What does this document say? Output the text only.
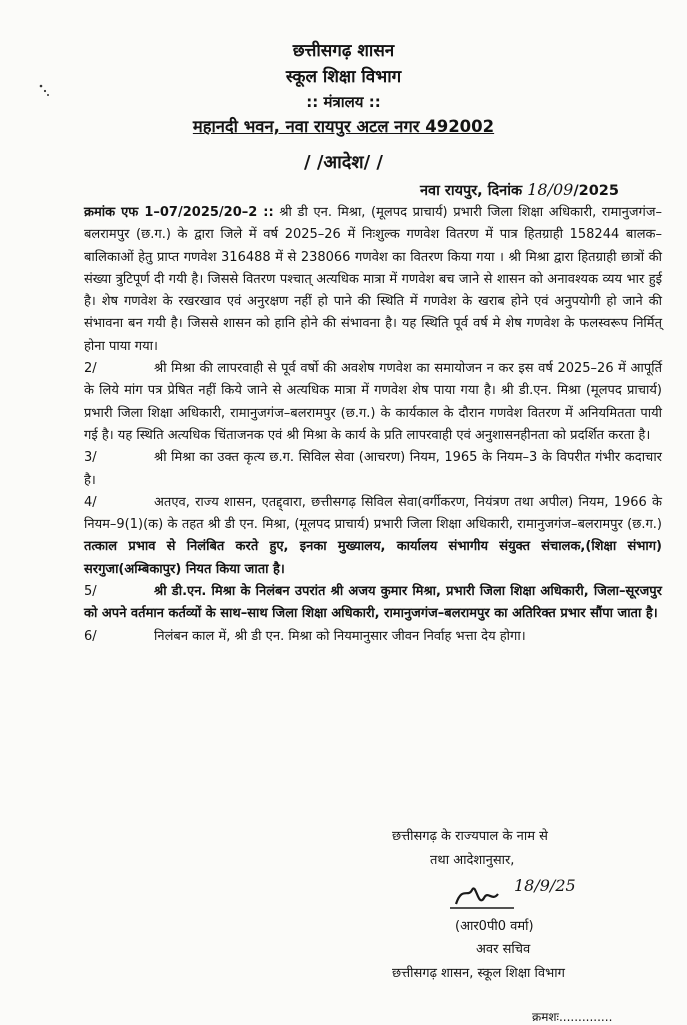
छत्तीसगढ़ शासन
स्कूल शिक्षा विभाग
:: मंत्रालय ::
महानदी भवन, नवा रायपुर अटल नगर 492002
/ /आदेश/ /
नवा रायपुर, दिनांक 18/09/2025

क्रमांक एफ 1–07/2025/20–2 :: श्री डी एन. मिश्रा, (मूलपद प्राचार्य) प्रभारी जिला शिक्षा अधिकारी, रामानुजगंज–बलरामपुर (छ.ग.) के द्वारा जिले में वर्ष 2025–26 में निःशुल्क गणवेश वितरण में पात्र हितग्राही 158244 बालक–बालिकाओं हेतु प्राप्त गणवेश 316488 में से 238066 गणवेश का वितरण किया गया । श्री मिश्रा द्वारा हितग्राही छात्रों की संख्या त्रुटिपूर्ण दी गयी है। जिससे वितरण पश्चात् अत्यधिक मात्रा में गणवेश बच जाने से शासन को अनावश्यक व्यय भार हुई है। शेष गणवेश के रखरखाव एवं अनुरक्षण नहीं हो पाने की स्थिति में गणवेश के खराब होने एवं अनुपयोगी हो जाने की संभावना बन गयी है। जिससे शासन को हानि होने की संभावना है। यह स्थिति पूर्व वर्ष मे शेष गणवेश के फलस्वरूप निर्मित् होना पाया गया।

2/	श्री मिश्रा की लापरवाही से पूर्व वर्षो की अवशेष गणवेश का समायोजन न कर इस वर्ष 2025–26 में आपूर्ति के लिये मांग पत्र प्रेषित नहीं किये जाने से अत्यधिक मात्रा में गणवेश शेष पाया गया है। श्री डी.एन. मिश्रा (मूलपद प्राचार्य) प्रभारी जिला शिक्षा अधिकारी, रामानुजगंज–बलरामपुर (छ.ग.) के कार्यकाल के दौरान गणवेश वितरण में अनियमितता पायी गई है। यह स्थिति अत्यधिक चिंताजनक एवं श्री मिश्रा के कार्य के प्रति लापरवाही एवं अनुशासनहीनता को प्रदर्शित करता है।

3/	श्री मिश्रा का उक्त कृत्य छ.ग. सिविल सेवा (आचरण) नियम, 1965 के नियम–3 के विपरीत गंभीर कदाचार है।

4/	अतएव, राज्य शासन, एतद्द्वारा, छत्तीसगढ़ सिविल सेवा(वर्गीकरण, नियंत्रण तथा अपील) नियम, 1966 के नियम–9(1)(क) के तहत श्री डी एन. मिश्रा, (मूलपद प्राचार्य) प्रभारी जिला शिक्षा अधिकारी, रामानुजगंज–बलरामपुर (छ.ग.) तत्काल प्रभाव से निलंबित करते हुए, इनका मुख्यालय, कार्यालय संभागीय संयुक्त संचालक,(शिक्षा संभाग) सरगुजा(अम्बिकापुर) नियत किया जाता है।

5/	श्री डी.एन. मिश्रा के निलंबन उपरांत श्री अजय कुमार मिश्रा, प्रभारी जिला शिक्षा अधिकारी, जिला–सूरजपुर को अपने वर्तमान कर्तव्यों के साथ–साथ जिला शिक्षा अधिकारी, रामानुजगंज–बलरामपुर का अतिरिक्त प्रभार सौंपा जाता है।

6/	निलंबन काल में, श्री डी एन. मिश्रा को नियमानुसार जीवन निर्वाह भत्ता देय होगा।

छत्तीसगढ़ के राज्यपाल के नाम से
तथा आदेशानुसार,
18/9/25
(आर0पी0 वर्मा)
अवर सचिव
छत्तीसगढ़ शासन, स्कूल शिक्षा विभाग
क्रमशः..............
